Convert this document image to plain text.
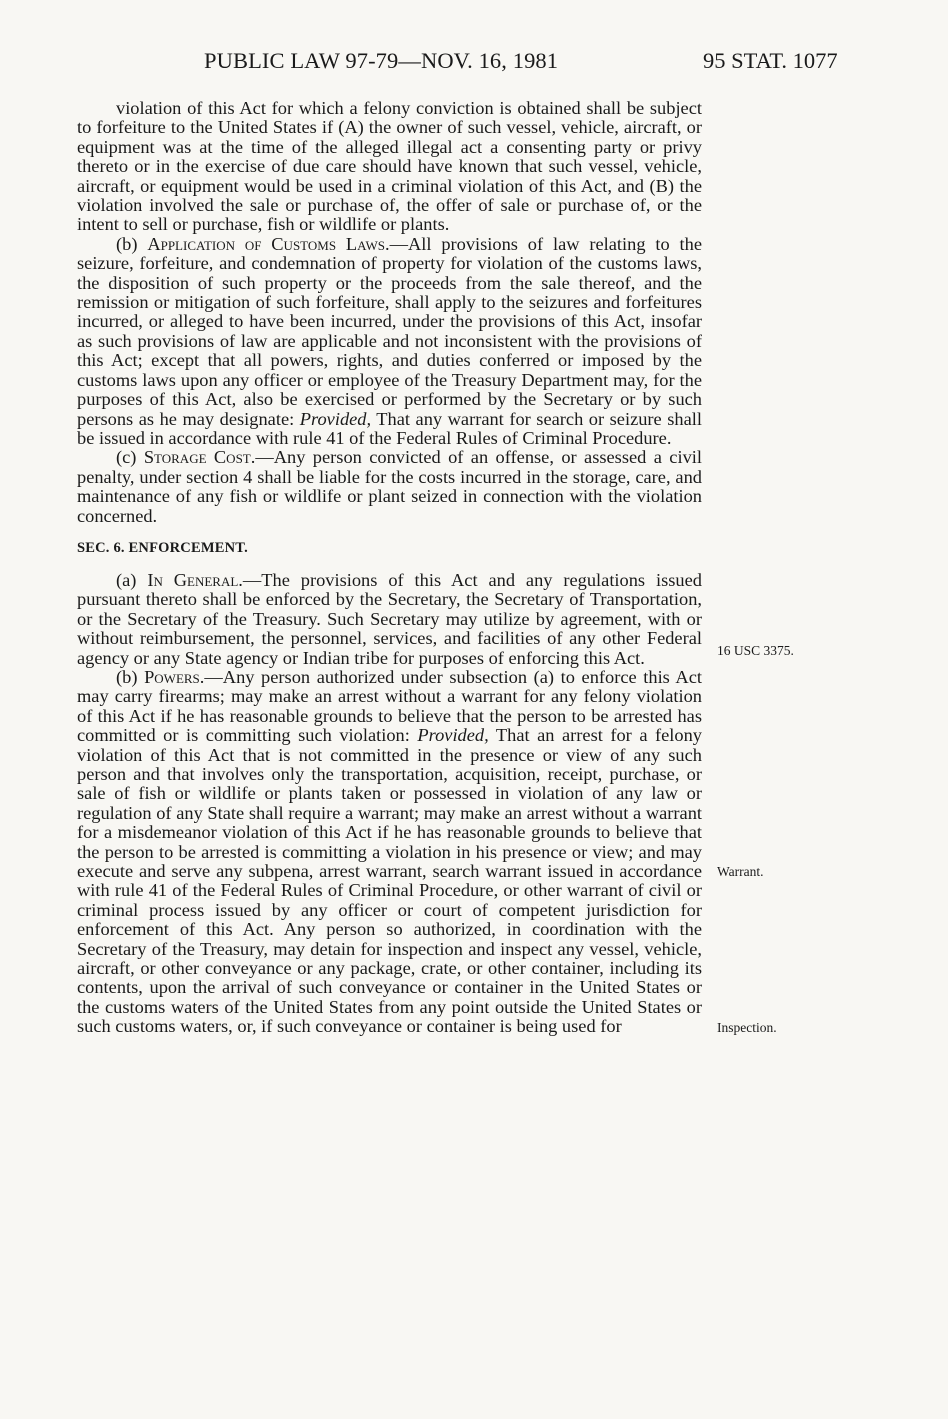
PUBLIC LAW 97-79—NOV. 16, 1981	95 STAT. 1077

violation of this Act for which a felony conviction is obtained shall be subject to forfeiture to the United States if (A) the owner of such vessel, vehicle, aircraft, or equipment was at the time of the alleged illegal act a consenting party or privy thereto or in the exercise of due care should have known that such vessel, vehicle, aircraft, or equipment would be used in a criminal violation of this Act, and (B) the violation involved the sale or purchase of, the offer of sale or purchase of, or the intent to sell or purchase, fish or wildlife or plants.

(b) Application of Customs Laws.—All provisions of law relating to the seizure, forfeiture, and condemnation of property for violation of the customs laws, the disposition of such property or the proceeds from the sale thereof, and the remission or mitigation of such forfeiture, shall apply to the seizures and forfeitures incurred, or alleged to have been incurred, under the provisions of this Act, insofar as such provisions of law are applicable and not inconsistent with the provisions of this Act; except that all powers, rights, and duties conferred or imposed by the customs laws upon any officer or employee of the Treasury Department may, for the purposes of this Act, also be exercised or performed by the Secretary or by such persons as he may designate: Provided, That any warrant for search or seizure shall be issued in accordance with rule 41 of the Federal Rules of Criminal Procedure.

(c) Storage Cost.—Any person convicted of an offense, or assessed a civil penalty, under section 4 shall be liable for the costs incurred in the storage, care, and maintenance of any fish or wildlife or plant seized in connection with the violation concerned.

SEC. 6. ENFORCEMENT.

(a) In General.—The provisions of this Act and any regulations issued pursuant thereto shall be enforced by the Secretary, the Secretary of Transportation, or the Secretary of the Treasury. Such Secretary may utilize by agreement, with or without reimbursement, the personnel, services, and facilities of any other Federal agency or any State agency or Indian tribe for purposes of enforcing this Act.

(b) Powers.—Any person authorized under subsection (a) to enforce this Act may carry firearms; may make an arrest without a warrant for any felony violation of this Act if he has reasonable grounds to believe that the person to be arrested has committed or is committing such violation: Provided, That an arrest for a felony violation of this Act that is not committed in the presence or view of any such person and that involves only the transportation, acquisition, receipt, purchase, or sale of fish or wildlife or plants taken or possessed in violation of any law or regulation of any State shall require a warrant; may make an arrest without a warrant for a misdemeanor violation of this Act if he has reasonable grounds to believe that the person to be arrested is committing a violation in his presence or view; and may execute and serve any subpena, arrest warrant, search warrant issued in accordance with rule 41 of the Federal Rules of Criminal Procedure, or other warrant of civil or criminal process issued by any officer or court of competent jurisdiction for enforcement of this Act. Any person so authorized, in coordination with the Secretary of the Treasury, may detain for inspection and inspect any vessel, vehicle, aircraft, or other conveyance or any package, crate, or other container, including its contents, upon the arrival of such conveyance or container in the United States or the customs waters of the United States from any point outside the United States or such customs waters, or, if such conveyance or container is being used for

16 USC 3375.
Warrant.
Inspection.
